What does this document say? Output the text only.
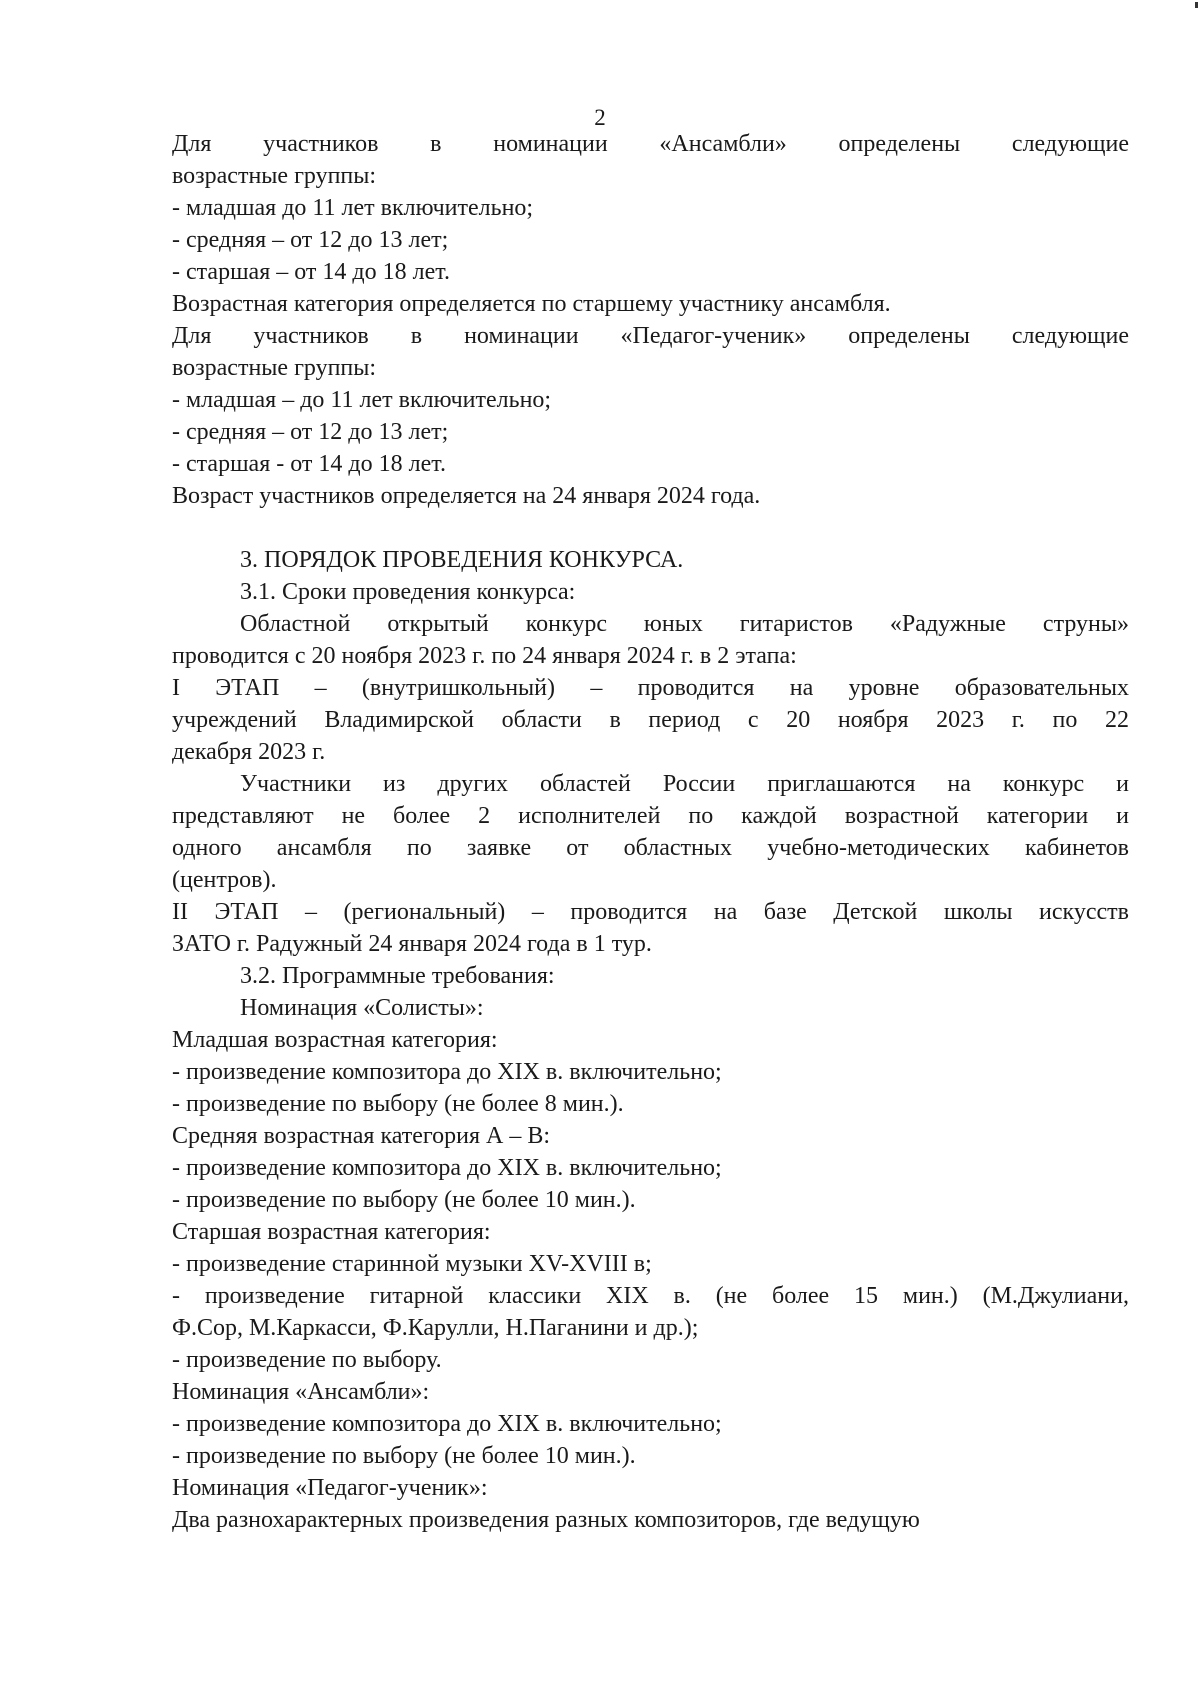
2
Для участников в номинации «Ансамбли» определены следующие
возрастные группы:
- младшая до 11 лет включительно;
- средняя – от 12 до 13 лет;
- старшая – от 14 до 18 лет.
Возрастная категория определяется по старшему участнику ансамбля.
Для участников в номинации «Педагог-ученик» определены следующие
возрастные группы:
- младшая – до 11 лет включительно;
- средняя – от 12 до 13 лет;
- старшая - от 14 до 18 лет.
Возраст участников определяется на 24 января 2024 года.
3. ПОРЯДОК ПРОВЕДЕНИЯ КОНКУРСА.
3.1. Сроки проведения конкурса:
Областной открытый конкурс юных гитаристов «Радужные струны»
проводится с 20 ноября 2023 г. по 24 января 2024 г. в 2 этапа:
I ЭТАП – (внутришкольный) – проводится на уровне образовательных
учреждений Владимирской области в период с 20 ноября 2023 г. по 22
декабря 2023 г.
Участники из других областей России приглашаются на конкурс и
представляют не более 2 исполнителей по каждой возрастной категории и
одного ансамбля по заявке от областных учебно-методических кабинетов
(центров).
II ЭТАП – (региональный) – проводится на базе Детской школы искусств
ЗАТО г. Радужный 24 января 2024 года в 1 тур.
3.2. Программные требования:
Номинация «Солисты»:
Младшая возрастная категория:
- произведение композитора до XIX в. включительно;
- произведение по выбору (не более 8 мин.).
Средняя возрастная категория А – В:
- произведение композитора до XIX в. включительно;
- произведение по выбору (не более 10 мин.).
Старшая возрастная категория:
- произведение старинной музыки XV-XVIII в;
- произведение гитарной классики XIX в. (не более 15 мин.) (М.Джулиани,
Ф.Сор, М.Каркасси, Ф.Карулли, Н.Паганини и др.);
- произведение по выбору.
Номинация «Ансамбли»:
- произведение композитора до XIX в. включительно;
- произведение по выбору (не более 10 мин.).
Номинация «Педагог-ученик»:
Два разнохарактерных произведения разных композиторов, где ведущую
